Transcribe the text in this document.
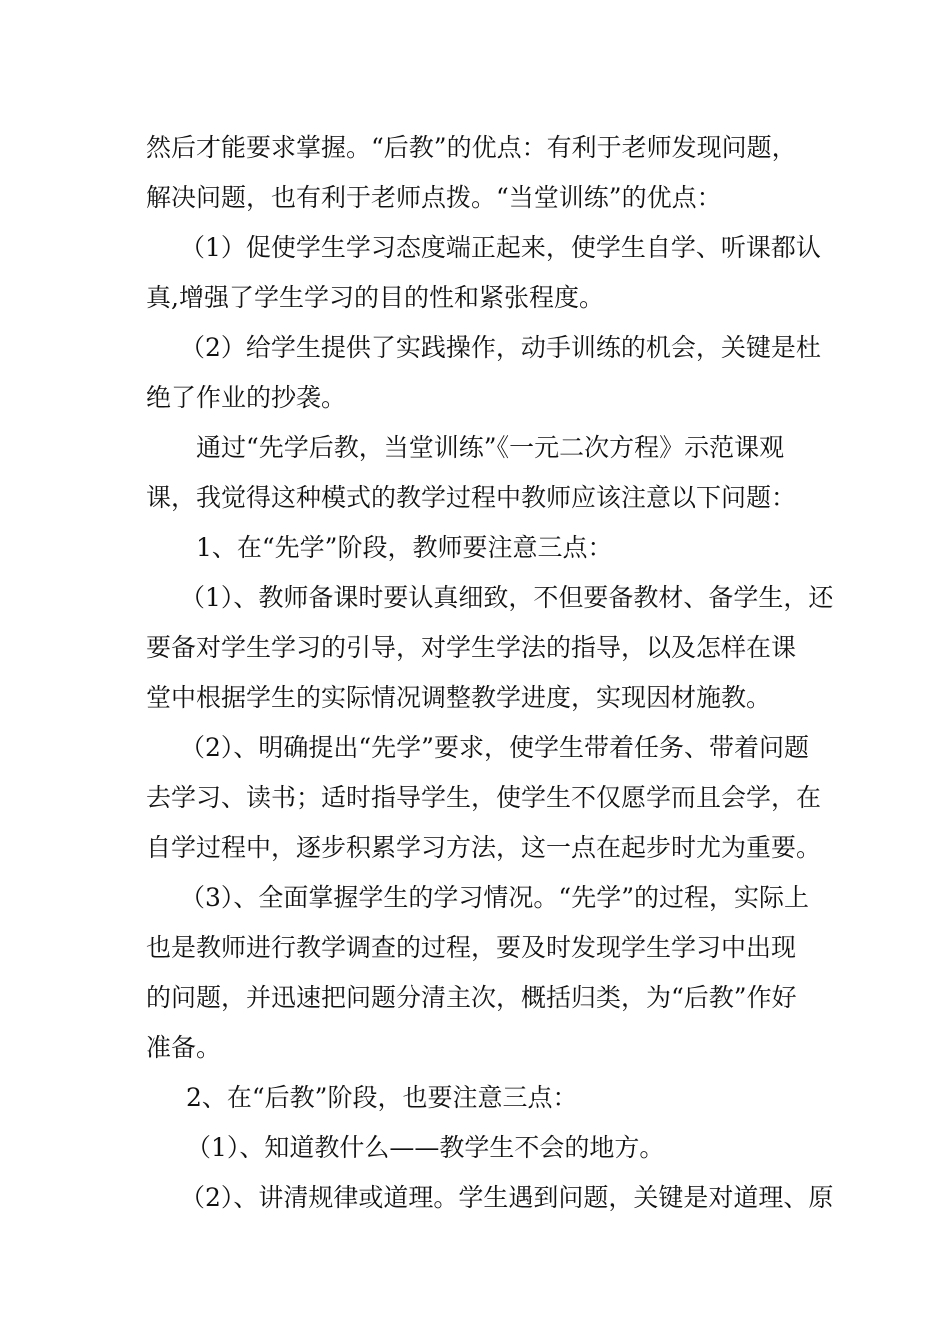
然后才能要求掌握。“后教”的优点：有利于老师发现问题，
解决问题，也有利于老师点拨。“当堂训练”的优点：
（1）促使学生学习态度端正起来，使学生自学、听课都认
真,增强了学生学习的目的性和紧张程度。
（2）给学生提供了实践操作，动手训练的机会，关键是杜
绝了作业的抄袭。
通过“先学后教，当堂训练”《一元二次方程》示范课观
课，我觉得这种模式的教学过程中教师应该注意以下问题：
1、在“先学”阶段，教师要注意三点：
（1）、教师备课时要认真细致，不但要备教材、备学生，还
要备对学生学习的引导，对学生学法的指导，以及怎样在课
堂中根据学生的实际情况调整教学进度，实现因材施教。
（2）、明确提出“先学”要求，使学生带着任务、带着问题
去学习、读书；适时指导学生，使学生不仅愿学而且会学，在
自学过程中，逐步积累学习方法，这一点在起步时尤为重要。
（3）、全面掌握学生的学习情况。“先学”的过程，实际上
也是教师进行教学调查的过程，要及时发现学生学习中出现
的问题，并迅速把问题分清主次，概括归类，为“后教”作好
准备。
2、在“后教”阶段，也要注意三点：
（1）、知道教什么——教学生不会的地方。
（2）、讲清规律或道理。学生遇到问题，关键是对道理、原
